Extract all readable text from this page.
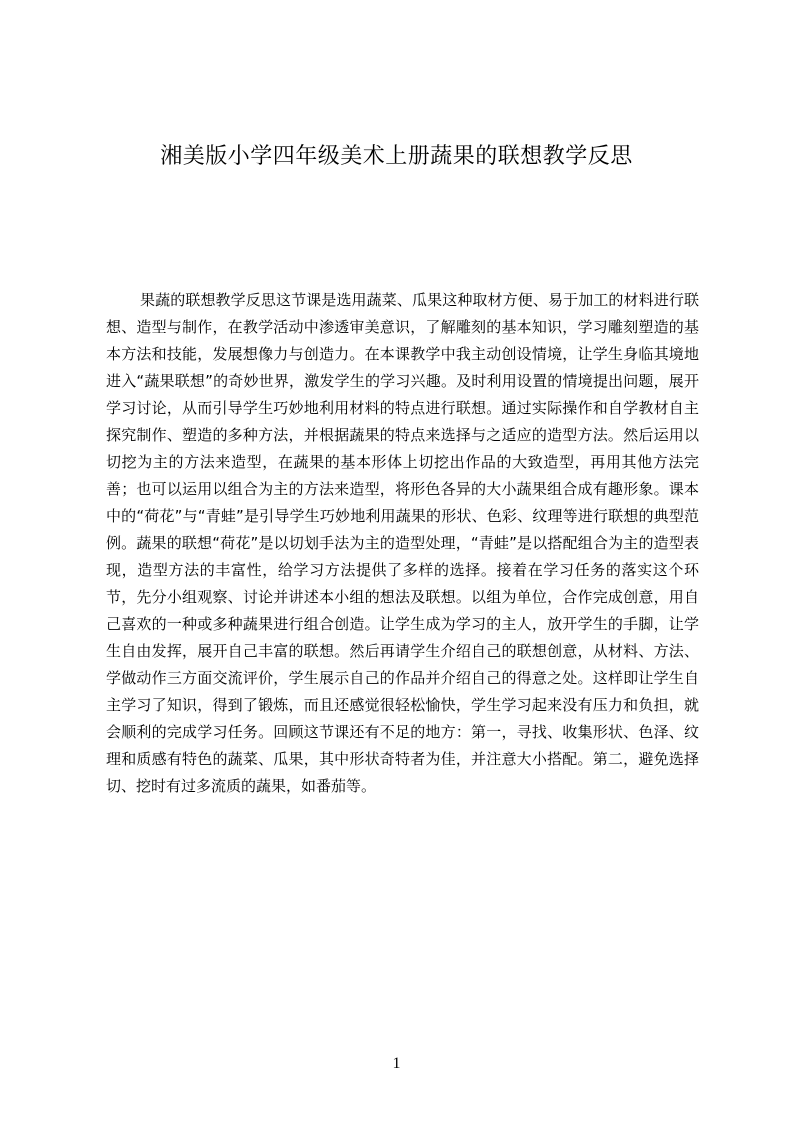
湘美版小学四年级美术上册蔬果的联想教学反思

果蔬的联想教学反思这节课是选用蔬菜、瓜果这种取材方便、易于加工的材料进行联想、造型与制作，在教学活动中渗透审美意识，了解雕刻的基本知识，学习雕刻塑造的基本方法和技能，发展想像力与创造力。在本课教学中我主动创设情境，让学生身临其境地进入“蔬果联想”的奇妙世界，激发学生的学习兴趣。及时利用设置的情境提出问题，展开学习讨论，从而引导学生巧妙地利用材料的特点进行联想。通过实际操作和自学教材自主探究制作、塑造的多种方法，并根据蔬果的特点来选择与之适应的造型方法。然后运用以切挖为主的方法来造型，在蔬果的基本形体上切挖出作品的大致造型，再用其他方法完善；也可以运用以组合为主的方法来造型，将形色各异的大小蔬果组合成有趣形象。课本中的“荷花”与“青蛙”是引导学生巧妙地利用蔬果的形状、色彩、纹理等进行联想的典型范例。蔬果的联想“荷花”是以切划手法为主的造型处理，“青蛙”是以搭配组合为主的造型表现，造型方法的丰富性，给学习方法提供了多样的选择。接着在学习任务的落实这个环节，先分小组观察、讨论并讲述本小组的想法及联想。以组为单位，合作完成创意，用自己喜欢的一种或多种蔬果进行组合创造。让学生成为学习的主人，放开学生的手脚，让学生自由发挥，展开自己丰富的联想。然后再请学生介绍自己的联想创意，从材料、方法、学做动作三方面交流评价，学生展示自己的作品并介绍自己的得意之处。这样即让学生自主学习了知识，得到了锻炼，而且还感觉很轻松愉快，学生学习起来没有压力和负担，就会顺利的完成学习任务。回顾这节课还有不足的地方：第一，寻找、收集形状、色泽、纹理和质感有特色的蔬菜、瓜果，其中形状奇特者为佳，并注意大小搭配。第二，避免选择切、挖时有过多流质的蔬果，如番茄等。

1
